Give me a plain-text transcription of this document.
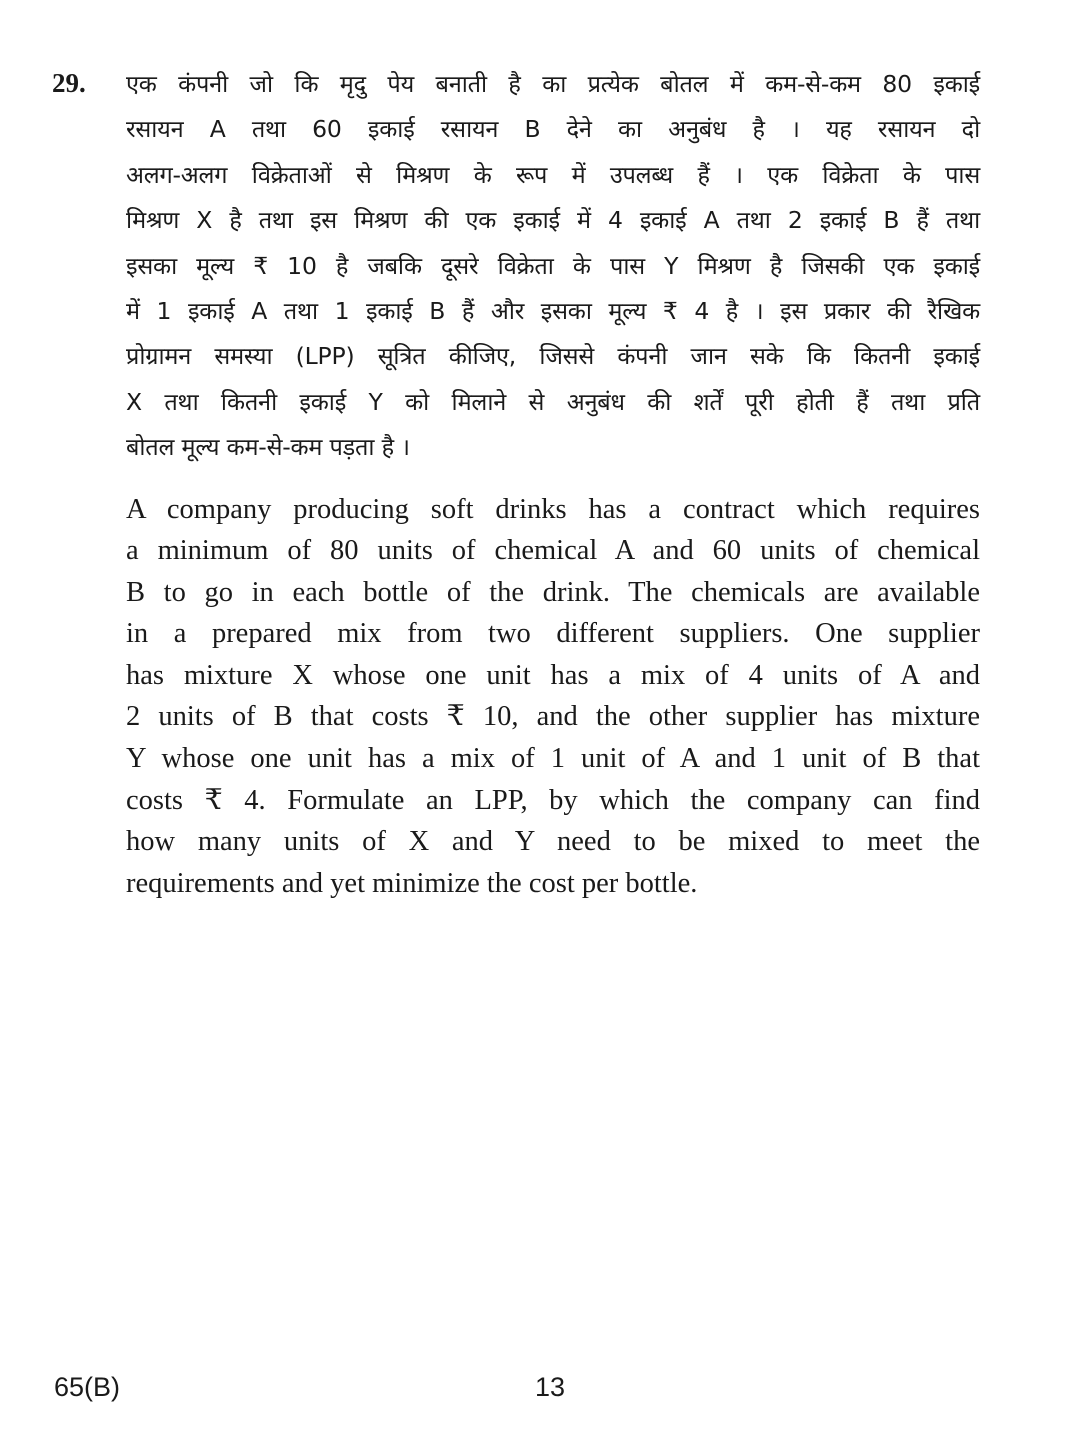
29. एक कंपनी जो कि मृदु पेय बनाती है का प्रत्येक बोतल में कम-से-कम 80 इकाई
रसायन A तथा 60 इकाई रसायन B देने का अनुबंध है । यह रसायन दो
अलग-अलग विक्रेताओं से मिश्रण के रूप में उपलब्ध हैं । एक विक्रेता के पास
मिश्रण X है तथा इस मिश्रण की एक इकाई में 4 इकाई A तथा 2 इकाई B हैं तथा
इसका मूल्य ₹ 10 है जबकि दूसरे विक्रेता के पास Y मिश्रण है जिसकी एक इकाई
में 1 इकाई A तथा 1 इकाई B हैं और इसका मूल्य ₹ 4 है । इस प्रकार की रैखिक
प्रोग्रामन समस्या (LPP) सूत्रित कीजिए, जिससे कंपनी जान सके कि कितनी इकाई
X तथा कितनी इकाई Y को मिलाने से अनुबंध की शर्तें पूरी होती हैं तथा प्रति
बोतल मूल्य कम-से-कम पड़ता है ।
A company producing soft drinks has a contract which requires
a minimum of 80 units of chemical A and 60 units of chemical
B to go in each bottle of the drink. The chemicals are available
in a prepared mix from two different suppliers. One supplier
has mixture X whose one unit has a mix of 4 units of A and
2 units of B that costs ₹ 10, and the other supplier has mixture
Y whose one unit has a mix of 1 unit of A and 1 unit of B that
costs ₹ 4. Formulate an LPP, by which the company can find
how many units of X and Y need to be mixed to meet the
requirements and yet minimize the cost per bottle.
65(B)	13
